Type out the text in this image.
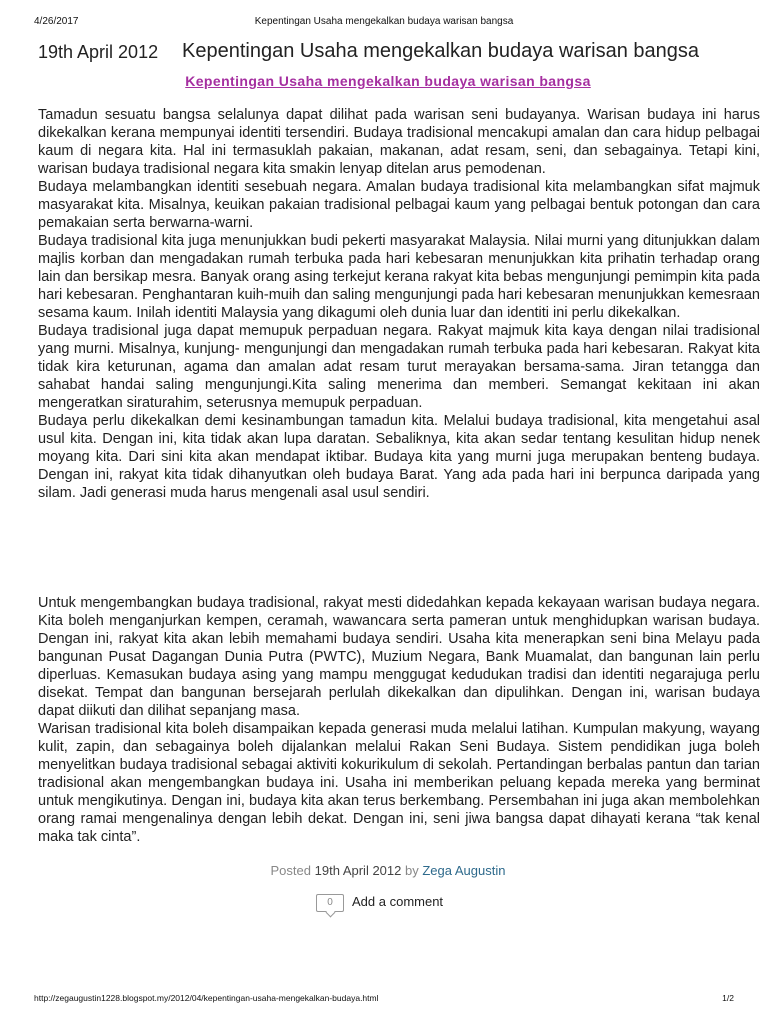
4/26/2017	Kepentingan Usaha mengekalkan budaya warisan bangsa
19th April 2012 Kepentingan Usaha mengekalkan budaya warisan bangsa
Kepentingan Usaha mengekalkan budaya warisan bangsa

Tamadun sesuatu bangsa selalunya dapat dilihat pada warisan seni budayanya. Warisan budaya ini harus dikekalkan kerana mempunyai identiti tersendiri. Budaya tradisional mencakupi amalan dan cara hidup pelbagai kaum di negara kita. Hal ini termasuklah pakaian, makanan, adat resam, seni, dan sebagainya. Tetapi kini, warisan budaya tradisional negara kita smakin lenyap ditelan arus pemodenan.

Budaya melambangkan identiti sesebuah negara. Amalan budaya tradisional kita melambangkan sifat majmuk masyarakat kita. Misalnya, keuikan pakaian tradisional pelbagai kaum yang pelbagai bentuk potongan dan cara pemakaian serta berwarna-warni.

Budaya tradisional kita juga menunjukkan budi pekerti masyarakat Malaysia. Nilai murni yang ditunjukkan dalam majlis korban dan mengadakan rumah terbuka pada hari kebesaran menunjukkan kita prihatin terhadap orang lain dan bersikap mesra. Banyak orang asing terkejut kerana rakyat kita bebas mengunjungi pemimpin kita pada hari kebesaran. Penghantaran kuih-muih dan saling mengunjungi pada hari kebesaran menunjukkan kemesraan sesama kaum. Inilah identiti Malaysia yang dikagumi oleh dunia luar dan identiti ini perlu dikekalkan.

Budaya tradisional juga dapat memupuk perpaduan negara. Rakyat majmuk kita kaya dengan nilai tradisional yang murni. Misalnya, kunjung- mengunjungi dan mengadakan rumah terbuka pada hari kebesaran. Rakyat kita tidak kira keturunan, agama dan amalan adat resam turut merayakan bersama-sama. Jiran tetangga dan sahabat handai saling mengunjungi.Kita saling menerima dan memberi. Semangat kekitaan ini akan mengeratkan siraturahim, seterusnya memupuk perpaduan.

Budaya perlu dikekalkan demi kesinambungan tamadun kita. Melalui budaya tradisional, kita mengetahui asal usul kita. Dengan ini, kita tidak akan lupa daratan. Sebaliknya, kita akan sedar tentang kesulitan hidup nenek moyang kita. Dari sini kita akan mendapat iktibar. Budaya kita yang murni juga merupakan benteng budaya. Dengan ini, rakyat kita tidak dihanyutkan oleh budaya Barat. Yang ada pada hari ini berpunca daripada yang silam. Jadi generasi muda harus mengenali asal usul sendiri.

Untuk mengembangkan budaya tradisional, rakyat mesti didedahkan kepada kekayaan warisan budaya negara. Kita boleh menganjurkan kempen, ceramah, wawancara serta pameran untuk menghidupkan warisan budaya. Dengan ini, rakyat kita akan lebih memahami budaya sendiri. Usaha kita menerapkan seni bina Melayu pada bangunan Pusat Dagangan Dunia Putra (PWTC), Muzium Negara, Bank Muamalat, dan bangunan lain perlu diperluas. Kemasukan budaya asing yang mampu menggugat kedudukan tradisi dan identiti negarajuga perlu disekat. Tempat dan bangunan bersejarah perlulah dikekalkan dan dipulihkan. Dengan ini, warisan budaya dapat diikuti dan dilihat sepanjang masa.

Warisan tradisional kita boleh disampaikan kepada generasi muda melalui latihan. Kumpulan makyung, wayang kulit, zapin, dan sebagainya boleh dijalankan melalui Rakan Seni Budaya. Sistem pendidikan juga boleh menyelitkan budaya tradisional sebagai aktiviti kokurikulum di sekolah. Pertandingan berbalas pantun dan tarian tradisional akan mengembangkan budaya ini. Usaha ini memberikan peluang kepada mereka yang berminat untuk mengikutinya. Dengan ini, budaya kita akan terus berkembang. Persembahan ini juga akan membolehkan orang ramai mengenalinya dengan lebih dekat. Dengan ini, seni jiwa bangsa dapat dihayati kerana “tak kenal maka tak cinta”.

Posted 19th April 2012 by Zega Augustin
0	Add a comment
http://zegaugustin1228.blogspot.my/2012/04/kepentingan-usaha-mengekalkan-budaya.html	1/2
